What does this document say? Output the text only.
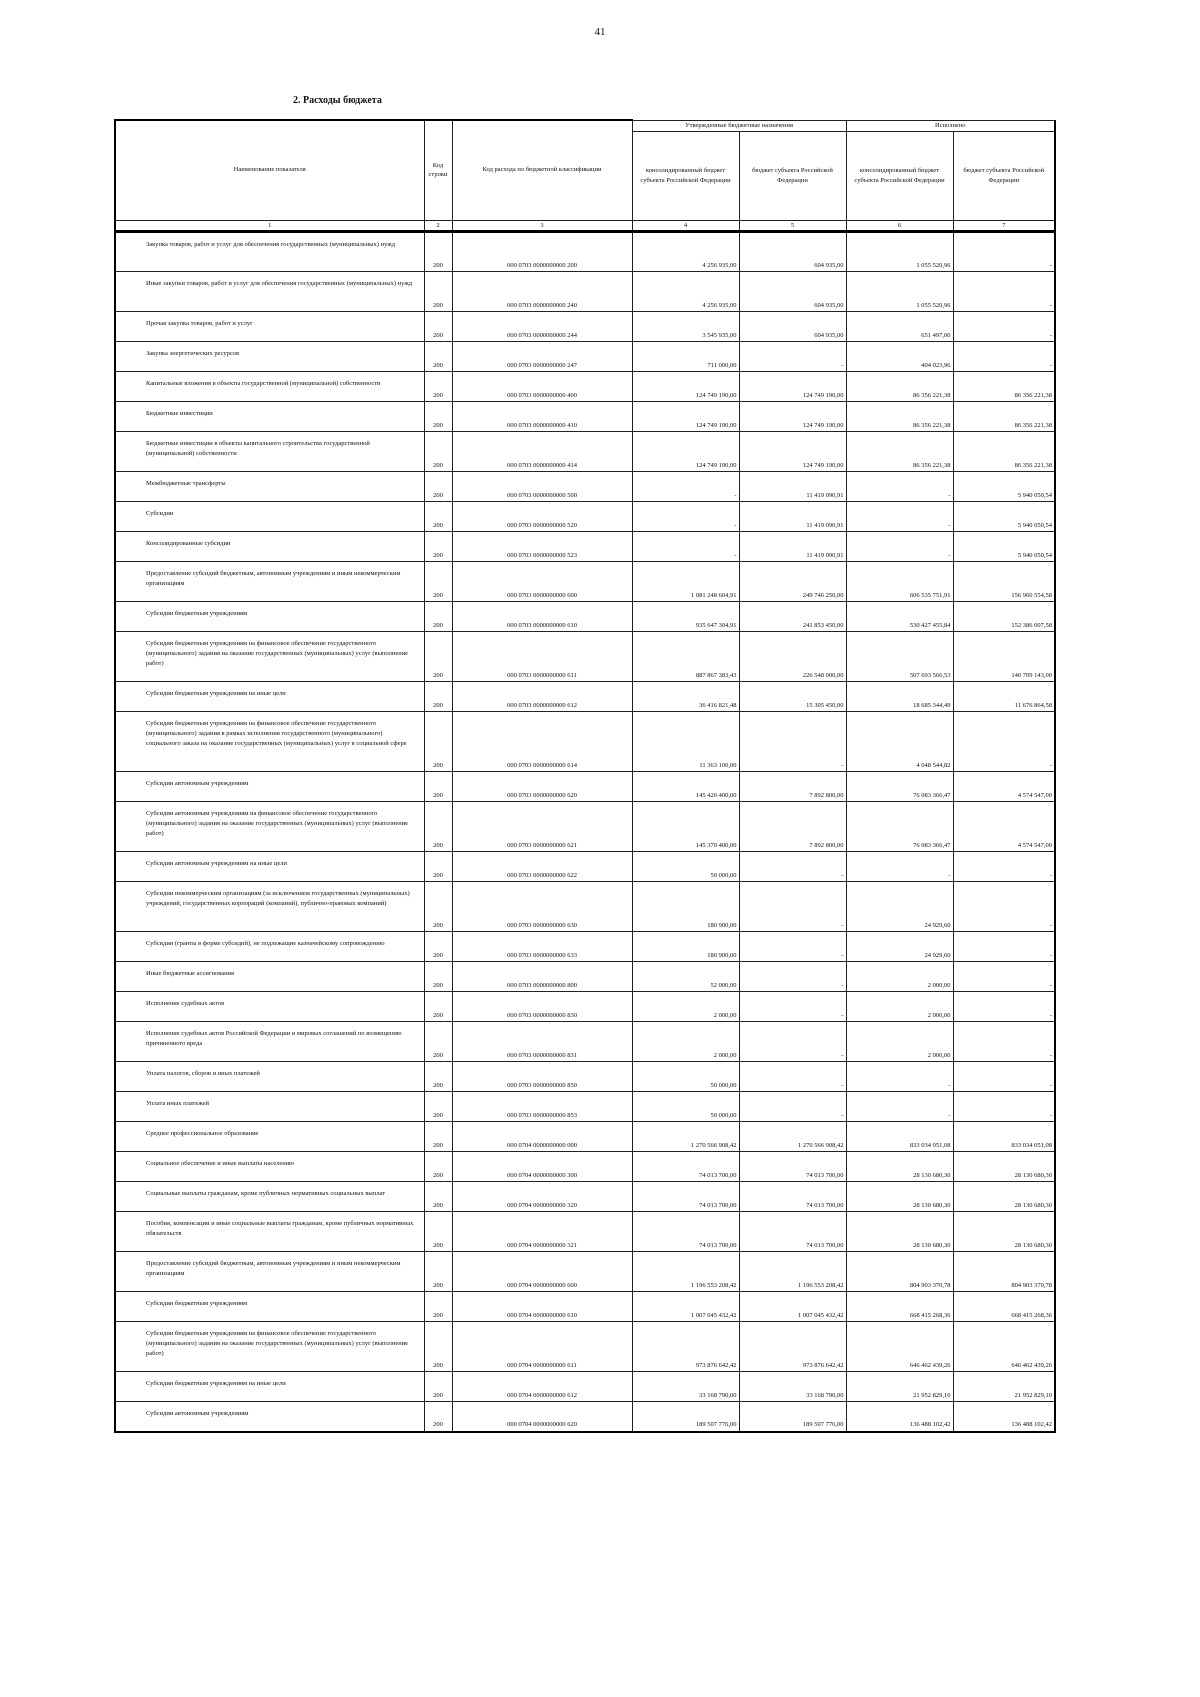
41
2. Расходы бюджета
Наименование показателя	Код строки	Код расхода по бюджетной классификации	Утвержденные бюджетные назначения		Исполнено	
			консолидированный бюджет субъекта Российской Федерации	бюджет субъекта Российской Федерации	консолидированный бюджет субъекта Российской Федерации	бюджет субъекта Российской Федерации
1	2	3	4	5	6	7
Закупка товаров, работ и услуг для обеспечения государственных (муниципальных) нужд	200	000 0703 0000000000 200	4 256 935,00	604 935,00	1 055 520,96	-
Иные закупки товаров, работ и услуг для обеспечения государственных (муниципальных) нужд	200	000 0703 0000000000 240	4 256 935,00	604 935,00	1 055 520,96	-
Прочая закупка товаров, работ и услуг	200	000 0703 0000000000 244	3 545 935,00	604 935,00	651 497,00	-
Закупка энергетических ресурсов	200	000 0703 0000000000 247	711 000,00	-	404 023,96	-
Капитальные вложения в объекты государственной (муниципальной) собственности	200	000 0703 0000000000 400	124 749 190,00	124 749 190,00	86 356 221,38	86 356 221,38
Бюджетные инвестиции	200	000 0703 0000000000 410	124 749 190,00	124 749 190,00	86 356 221,38	86 356 221,38
Бюджетные инвестиции в объекты капитального строительства государственной (муниципальной) собственности	200	000 0703 0000000000 414	124 749 190,00	124 749 190,00	86 356 221,38	86 356 221,38
Межбюджетные трансферты	200	000 0703 0000000000 500	-	11 419 090,91	-	5 940 050,54
Субсидии	200	000 0703 0000000000 520	-	11 419 090,91	-	5 940 050,54
Консолидированные субсидии	200	000 0703 0000000000 523	-	11 419 090,91	-	5 940 050,54
Предоставление субсидий бюджетным, автономным учреждениям и иным некоммерческим организациям	200	000 0703 0000000000 600	1 081 248 604,91	249 746 250,00	606 535 751,91	156 960 554,58
Субсидии бюджетным учреждениям	200	000 0703 0000000000 610	935 647 304,91	241 853 450,00	530 427 455,84	152 386 007,58
Субсидии бюджетным учреждениям на финансовое обеспечение государственного (муниципального) задания на оказание государственных (муниципальных) услуг (выполнение работ)	200	000 0703 0000000000 611	887 867 383,43	226 548 000,00	507 693 566,53	140 709 143,00
Субсидии бюджетным учреждениям на иные цели	200	000 0703 0000000000 612	36 416 821,48	15 305 450,00	18 685 344,49	11 676 864,58
Субсидии бюджетным учреждениям на финансовое обеспечение государственного (муниципального) задания в рамках исполнения государственного (муниципального) социального заказа на оказание государственных (муниципальных) услуг в социальной сфере	200	000 0703 0000000000 614	11 363 100,00	-	4 048 544,82	-
Субсидии автономным учреждениям	200	000 0703 0000000000 620	145 420 400,00	7 892 800,00	76 083 366,47	4 574 547,00
Субсидии автономным учреждениям на финансовое обеспечение государственного (муниципального) задания на оказание государственных (муниципальных) услуг (выполнение работ)	200	000 0703 0000000000 621	145 370 400,00	7 892 800,00	76 083 366,47	4 574 547,00
Субсидии автономным учреждениям на иные цели	200	000 0703 0000000000 622	50 000,00	-	-	-
Субсидии некоммерческим организациям (за исключением государственных (муниципальных) учреждений, государственных корпораций (компаний), публично-правовых компаний)	200	000 0703 0000000000 630	180 900,00	-	24 929,60	-
Субсидии (гранты в форме субсидий), не подлежащие казначейскому сопровождению	200	000 0703 0000000000 633	180 900,00	-	24 929,60	-
Иные бюджетные ассигнования	200	000 0703 0000000000 800	52 000,00	-	2 000,00	-
Исполнение судебных актов	200	000 0703 0000000000 830	2 000,00	-	2 000,00	-
Исполнение судебных актов Российской Федерации и мировых соглашений по возмещению причиненного вреда	200	000 0703 0000000000 831	2 000,00	-	2 000,00	-
Уплата налогов, сборов и иных платежей	200	000 0703 0000000000 850	50 000,00	-	-	-
Уплата иных платежей	200	000 0703 0000000000 853	50 000,00	-	-	-
Среднее профессиональное образование	200	000 0704 0000000000 000	1 270 566 908,42	1 270 566 908,42	833 034 051,08	833 034 051,08
Социальное обеспечение и иные выплаты населению	200	000 0704 0000000000 300	74 013 700,00	74 013 700,00	28 130 680,30	28 130 680,30
Социальные выплаты гражданам, кроме публичных нормативных социальных выплат	200	000 0704 0000000000 320	74 013 700,00	74 013 700,00	28 130 680,30	28 130 680,30
Пособия, компенсации и иные социальные выплаты гражданам, кроме публичных нормативных обязательств	200	000 0704 0000000000 321	74 013 700,00	74 013 700,00	28 130 680,30	28 130 680,30
Предоставление субсидий бюджетным, автономным учреждениям и иным некоммерческим организациям	200	000 0704 0000000000 600	1 196 553 208,42	1 196 553 208,42	804 903 370,78	804 903 370,78
Субсидии бюджетным учреждениям	200	000 0704 0000000000 610	1 007 045 432,42	1 007 045 432,42	668 415 268,36	668 415 268,36
Субсидии бюджетным учреждениям на финансовое обеспечение государственного (муниципального) задания на оказание государственных (муниципальных) услуг (выполнение работ)	200	000 0704 0000000000 611	973 876 642,42	973 876 642,42	646 462 439,26	646 462 439,26
Субсидии бюджетным учреждениям на иные цели	200	000 0704 0000000000 612	33 168 790,00	33 168 790,00	21 952 829,10	21 952 829,10
Субсидии автономным учреждениям	200	000 0704 0000000000 620	189 507 776,00	189 507 776,00	136 488 102,42	136 488 102,42
